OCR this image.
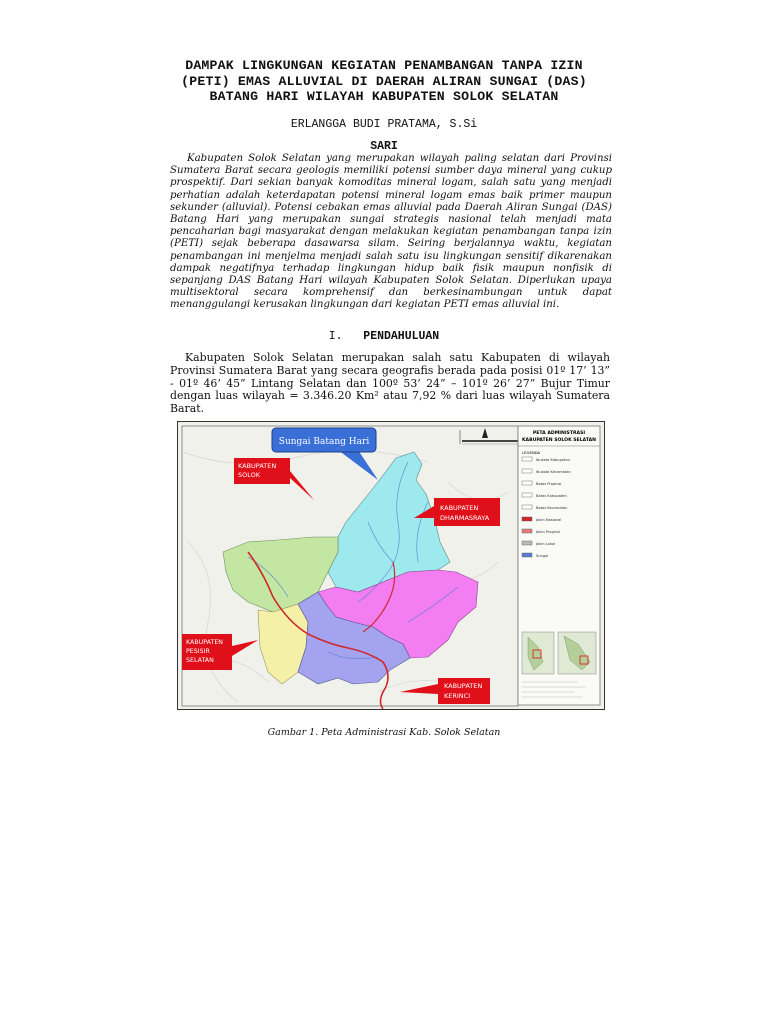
DAMPAK LINGKUNGAN KEGIATAN PENAMBANGAN TANPA IZIN
(PETI) EMAS ALLUVIAL DI DAERAH ALIRAN SUNGAI (DAS)
BATANG HARI WILAYAH KABUPATEN SOLOK SELATAN
ERLANGGA BUDI PRATAMA, S.Si
SARI

Kabupaten Solok Selatan yang merupakan wilayah paling selatan dari Provinsi Sumatera Barat secara geologis memiliki potensi sumber daya mineral yang cukup prospektif. Dari sekian banyak komoditas mineral logam, salah satu yang menjadi perhatian adalah keterdapatan potensi mineral logam emas baik primer maupun sekunder (alluvial). Potensi cebakan emas alluvial pada Daerah Aliran Sungai (DAS) Batang Hari yang merupakan sungai strategis nasional telah menjadi mata pencaharian bagi masyarakat dengan melakukan kegiatan penambangan tanpa izin (PETI) sejak beberapa dasawarsa silam. Seiring berjalannya waktu, kegiatan penambangan ini menjelma menjadi salah satu isu lingkungan sensitif dikarenakan dampak negatifnya terhadap lingkungan hidup baik fisik maupun nonfisik di sepanjang DAS Batang Hari wilayah Kabupaten Solok Selatan. Diperlukan upaya multisektoral secara komprehensif dan berkesinambungan untuk dapat menanggulangi kerusakan lingkungan dari kegiatan PETI emas alluvial ini.

I. PENDAHULUAN

Kabupaten Solok Selatan merupakan salah satu Kabupaten di wilayah Provinsi Sumatera Barat yang secara geografis berada pada posisi 01º 17’ 13” - 01º 46’ 45” Lintang Selatan dan 100º 53’ 24” – 101º 26’ 27” Bujur Timur dengan luas wilayah = 3.346.20 Km² atau 7,92 % dari luas wilayah Sumatera Barat.

Sungai Batang Hari
KABUPATEN
SOLOK
KABUPATEN
DHARMASRAYA
KABUPATEN
PESISIR
SELATAN
KABUPATEN
KERINCI
PETA ADMINISTRASI
KABUPATEN SOLOK SELATAN
LEGENDA
Ibukota Kabupaten
Ibukota Kecamatan
Batas Propinsi
Batas Kabupaten
Batas Kecamatan
Jalan Nasional
Jalan Propinsi
Jalan Lokal
Sungai
Gambar 1. Peta Administrasi Kab. Solok Selatan
